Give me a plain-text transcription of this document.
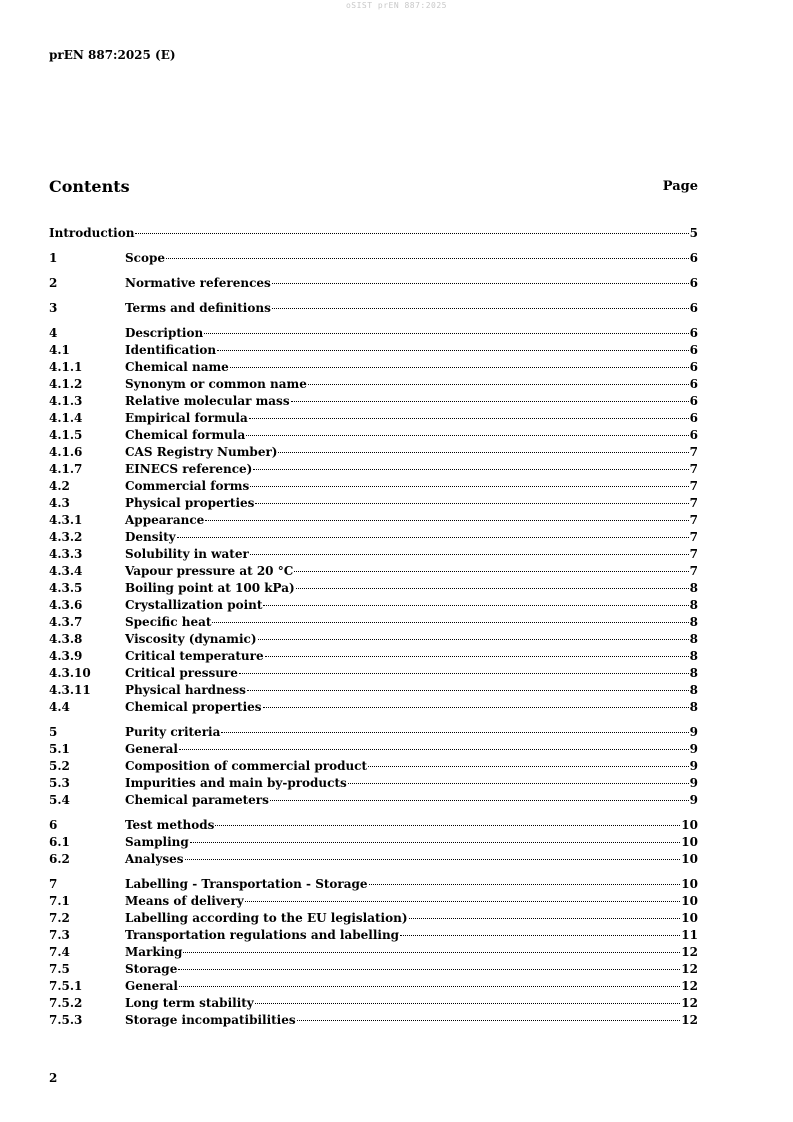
oSIST prEN 887:2025
prEN 887:2025 (E)
Contents	Page
Introduction	5
1	Scope	6
2	Normative references	6
3	Terms and definitions	6
4	Description	6
4.1	Identification	6
4.1.1	Chemical name	6
4.1.2	Synonym or common name	6
4.1.3	Relative molecular mass	6
4.1.4	Empirical formula	6
4.1.5	Chemical formula	6
4.1.6	CAS Registry Number)	7
4.1.7	EINECS reference)	7
4.2	Commercial forms	7
4.3	Physical properties	7
4.3.1	Appearance	7
4.3.2	Density	7
4.3.3	Solubility in water	7
4.3.4	Vapour pressure at 20 °C	7
4.3.5	Boiling point at 100 kPa)	8
4.3.6	Crystallization point	8
4.3.7	Specific heat	8
4.3.8	Viscosity (dynamic)	8
4.3.9	Critical temperature	8
4.3.10	Critical pressure	8
4.3.11	Physical hardness	8
4.4	Chemical properties	8
5	Purity criteria	9
5.1	General	9
5.2	Composition of commercial product	9
5.3	Impurities and main by-products	9
5.4	Chemical parameters	9
6	Test methods	10
6.1	Sampling	10
6.2	Analyses	10
7	Labelling - Transportation - Storage	10
7.1	Means of delivery	10
7.2	Labelling according to the EU legislation)	10
7.3	Transportation regulations and labelling	11
7.4	Marking	12
7.5	Storage	12
7.5.1	General	12
7.5.2	Long term stability	12
7.5.3	Storage incompatibilities	12
2
